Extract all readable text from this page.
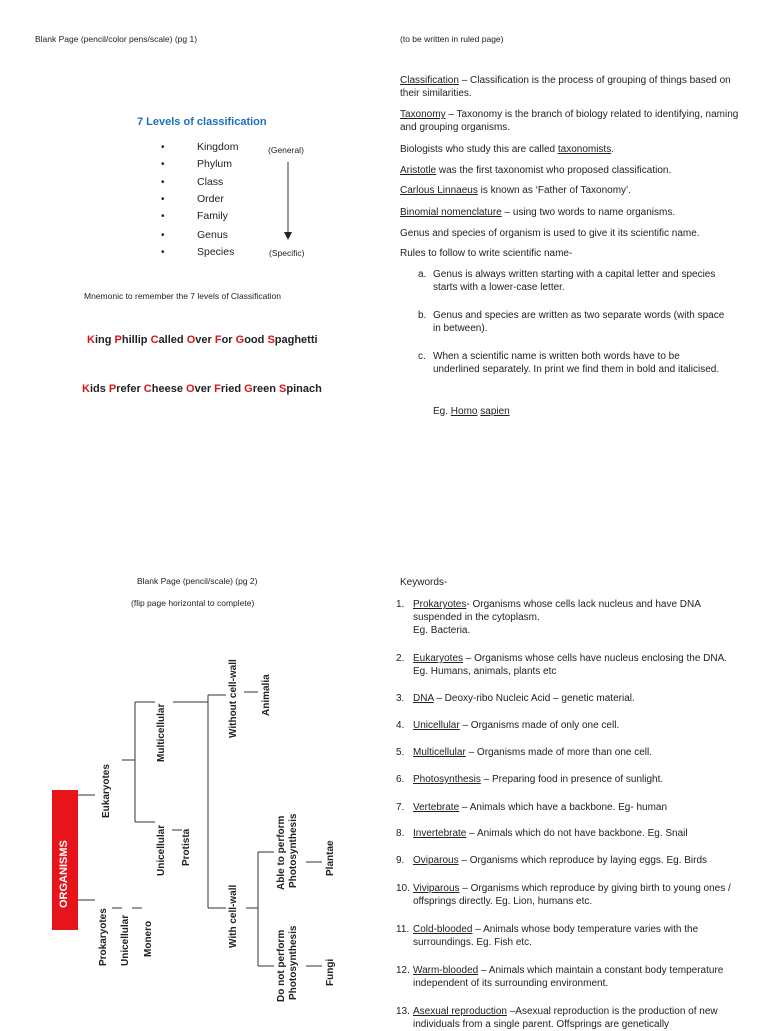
Blank Page (pencil/color pens/scale) (pg 1)
7 Levels of classification
•	Kingdom
•	Phylum
•	Class
•	Order
•	Family
•	Genus
•	Species
(General)
(Specific)
Mnemonic to remember the 7 levels of Classification
King Phillip Called Over For Good Spaghetti
Kids Prefer Cheese Over Fried Green Spinach
(to be written in ruled page)
Classification – Classification is the process of grouping of things based on their similarities.
Taxonomy – Taxonomy is the branch of biology related to identifying, naming and grouping organisms.
Biologists who study this are called taxonomists.
Aristotle was the first taxonomist who proposed classification.
Carlous Linnaeus is known as ‘Father of Taxonomy’.
Binomial nomenclature – using two words to name organisms.
Genus and species of organism is used to give it its scientific name.
Rules to follow to write scientific name-
a. Genus is always written starting with a capital letter and species starts with a lower-case letter.
b. Genus and species are written as two separate words (with space in between).
c. When a scientific name is written both words have to be underlined separately. In print we find them in bold and italicised.
Eg. Homo sapien
Blank Page (pencil/scale) (pg 2)
(flip page horizontal to complete)
ORGANISMS
Eukaryotes
Prokaryotes Unicellular Monero
Multicellular
Unicellular Protista
Without cell-wall Animalia
With cell-wall
Able to perform Photosynthesis	Plantae
Do not perform Photosynthesis	Fungi
Keywords-
1. Prokaryotes- Organisms whose cells lack nucleus and have DNA suspended in the cytoplasm.
Eg. Bacteria.
2. Eukaryotes – Organisms whose cells have nucleus enclosing the DNA. Eg. Humans, animals, plants etc
3. DNA – Deoxy-ribo Nucleic Acid – genetic material.
4. Unicellular – Organisms made of only one cell.
5. Multicellular – Organisms made of more than one cell.
6. Photosynthesis – Preparing food in presence of sunlight.
7. Vertebrate – Animals which have a backbone. Eg- human
8. Invertebrate – Animals which do not have backbone. Eg. Snail
9. Oviparous – Organisms which reproduce by laying eggs. Eg. Birds
10. Viviparous – Organisms which reproduce by giving birth to young ones / offsprings directly. Eg. Lion, humans etc.
11. Cold-blooded – Animals whose body temperature varies with the surroundings. Eg. Fish etc.
12. Warm-blooded – Animals which maintain a constant body temperature independent of its surrounding environment.
13. Asexual reproduction –Asexual reproduction is the production of new individuals from a single parent. Offsprings are genetically
